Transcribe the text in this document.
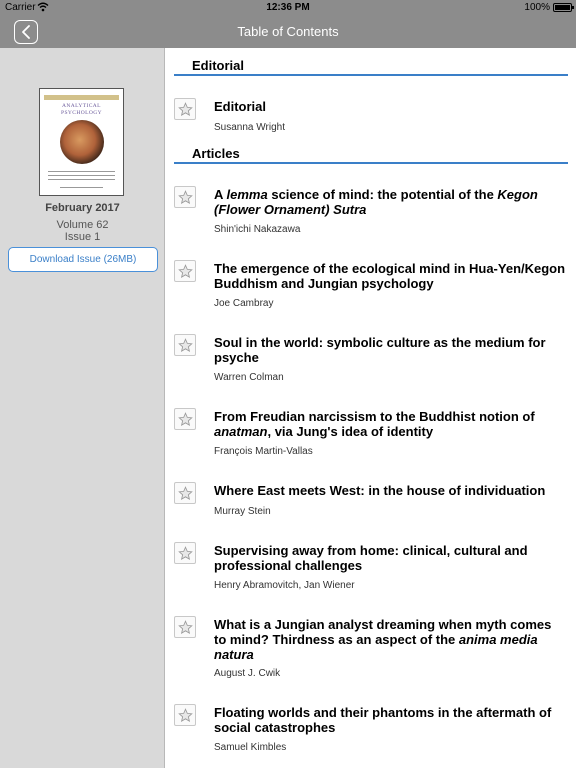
Carrier	12:36 PM	100%
Table of Contents
ANALYTICAL
PSYCHOLOGY
February 2017
Volume 62
Issue 1
Download Issue (26MB)
Editorial
Editorial
Susanna Wright
Articles
A lemma science of mind: the potential of the Kegon (Flower Ornament) Sutra
Shin'ichi Nakazawa
The emergence of the ecological mind in Hua-Yen/Kegon Buddhism and Jungian psychology
Joe Cambray
Soul in the world: symbolic culture as the medium for psyche
Warren Colman
From Freudian narcissism to the Buddhist notion of anatman, via Jung's idea of identity
François Martin-Vallas
Where East meets West: in the house of individuation
Murray Stein
Supervising away from home: clinical, cultural and professional challenges
Henry Abramovitch, Jan Wiener
What is a Jungian analyst dreaming when myth comes to mind? Thirdness as an aspect of the anima media natura
August J. Cwik
Floating worlds and their phantoms in the aftermath of social catastrophes
Samuel Kimbles
